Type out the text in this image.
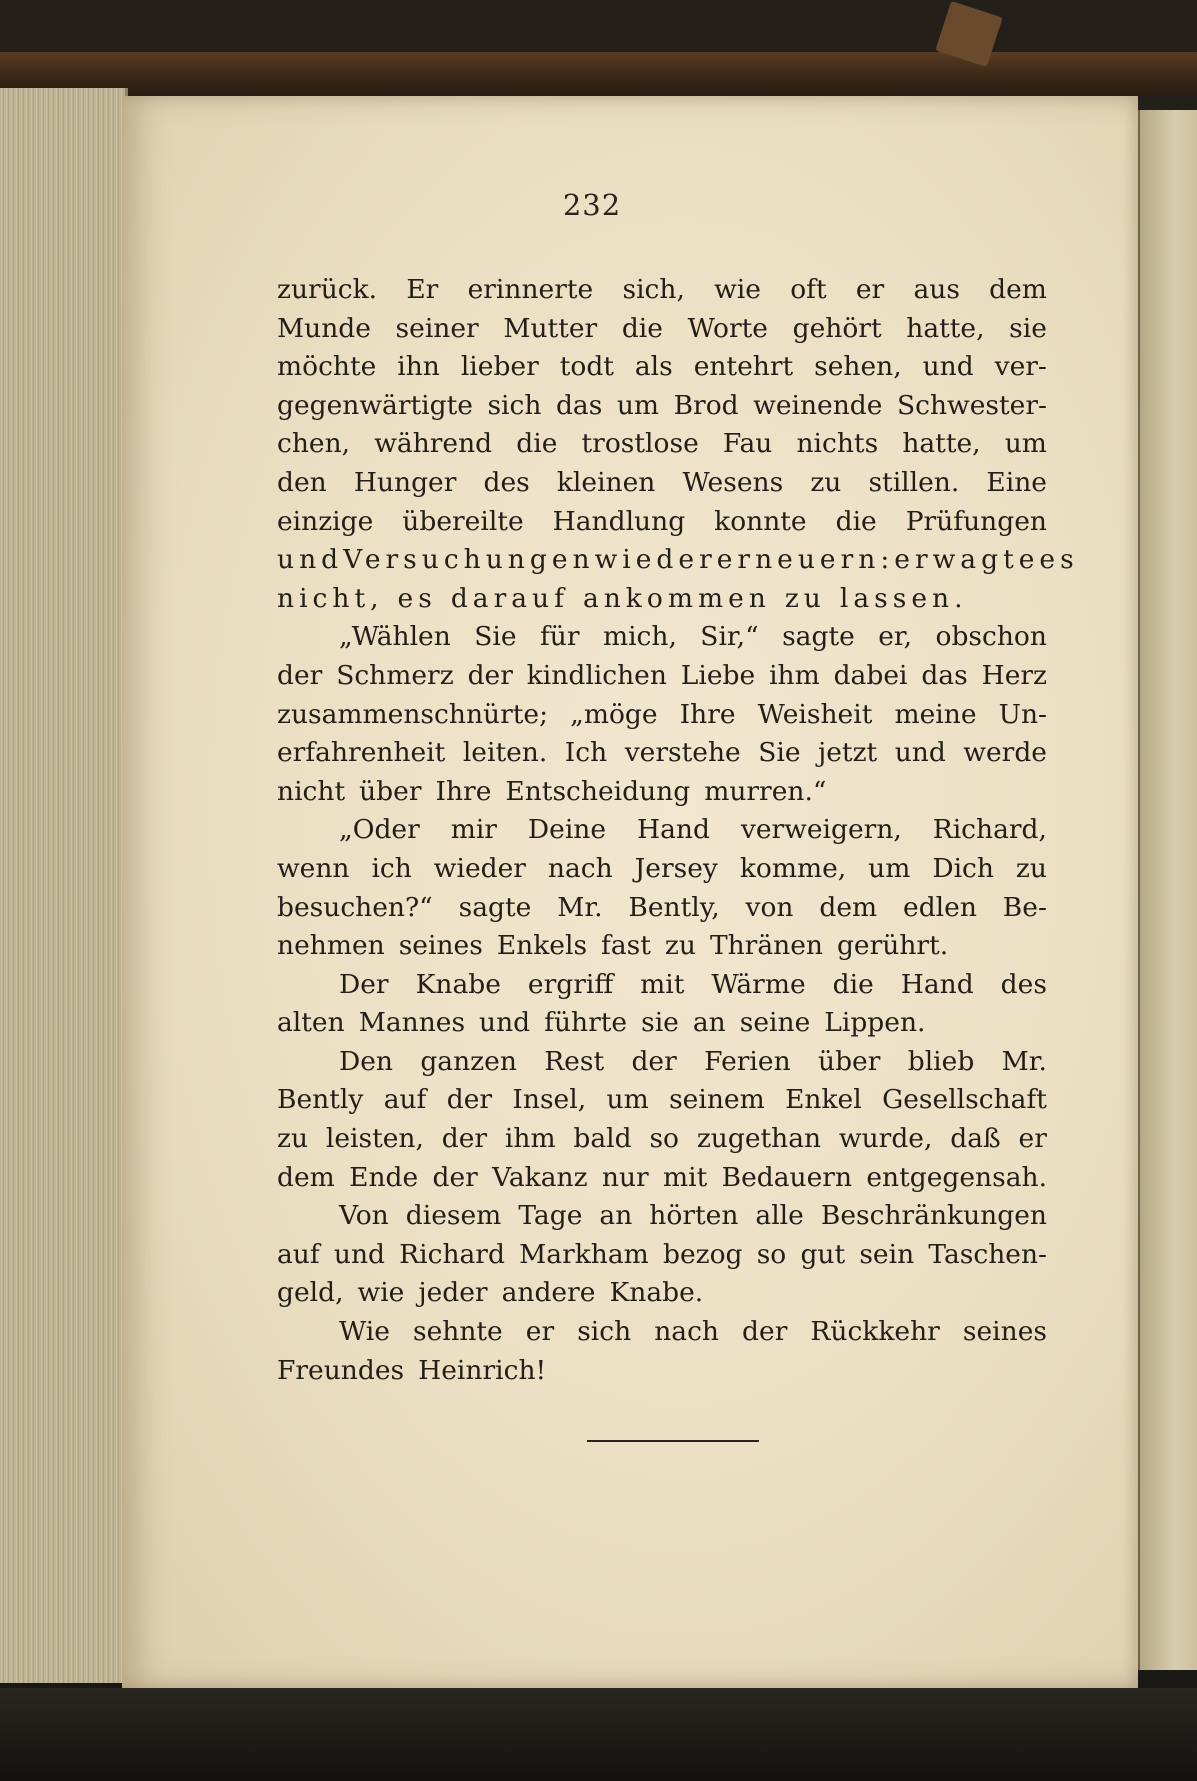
232
zurück. Er erinnerte sich, wie oft er aus dem
Munde seiner Mutter die Worte gehört hatte, sie
möchte ihn lieber todt als entehrt sehen, und ver-
gegenwärtigte sich das um Brod weinende Schwester-
chen, während die trostlose Fau nichts hatte, um
den Hunger des kleinen Wesens zu stillen. Eine
einzige übereilte Handlung konnte die Prüfungen
und Versuchungen wieder erneuern: er wagte es
nicht, es darauf ankommen zu lassen.
„Wählen Sie für mich, Sir,“ sagte er, obschon
der Schmerz der kindlichen Liebe ihm dabei das Herz
zusammenschnürte; „möge Ihre Weisheit meine Un-
erfahrenheit leiten. Ich verstehe Sie jetzt und werde
nicht über Ihre Entscheidung murren.“
„Oder mir Deine Hand verweigern, Richard,
wenn ich wieder nach Jersey komme, um Dich zu
besuchen?“ sagte Mr. Bently, von dem edlen Be-
nehmen seines Enkels fast zu Thränen gerührt.
Der Knabe ergriff mit Wärme die Hand des
alten Mannes und führte sie an seine Lippen.
Den ganzen Rest der Ferien über blieb Mr.
Bently auf der Insel, um seinem Enkel Gesellschaft
zu leisten, der ihm bald so zugethan wurde, daß er
dem Ende der Vakanz nur mit Bedauern entgegensah.
Von diesem Tage an hörten alle Beschränkungen
auf und Richard Markham bezog so gut sein Taschen-
geld, wie jeder andere Knabe.
Wie sehnte er sich nach der Rückkehr seines
Freundes Heinrich!
